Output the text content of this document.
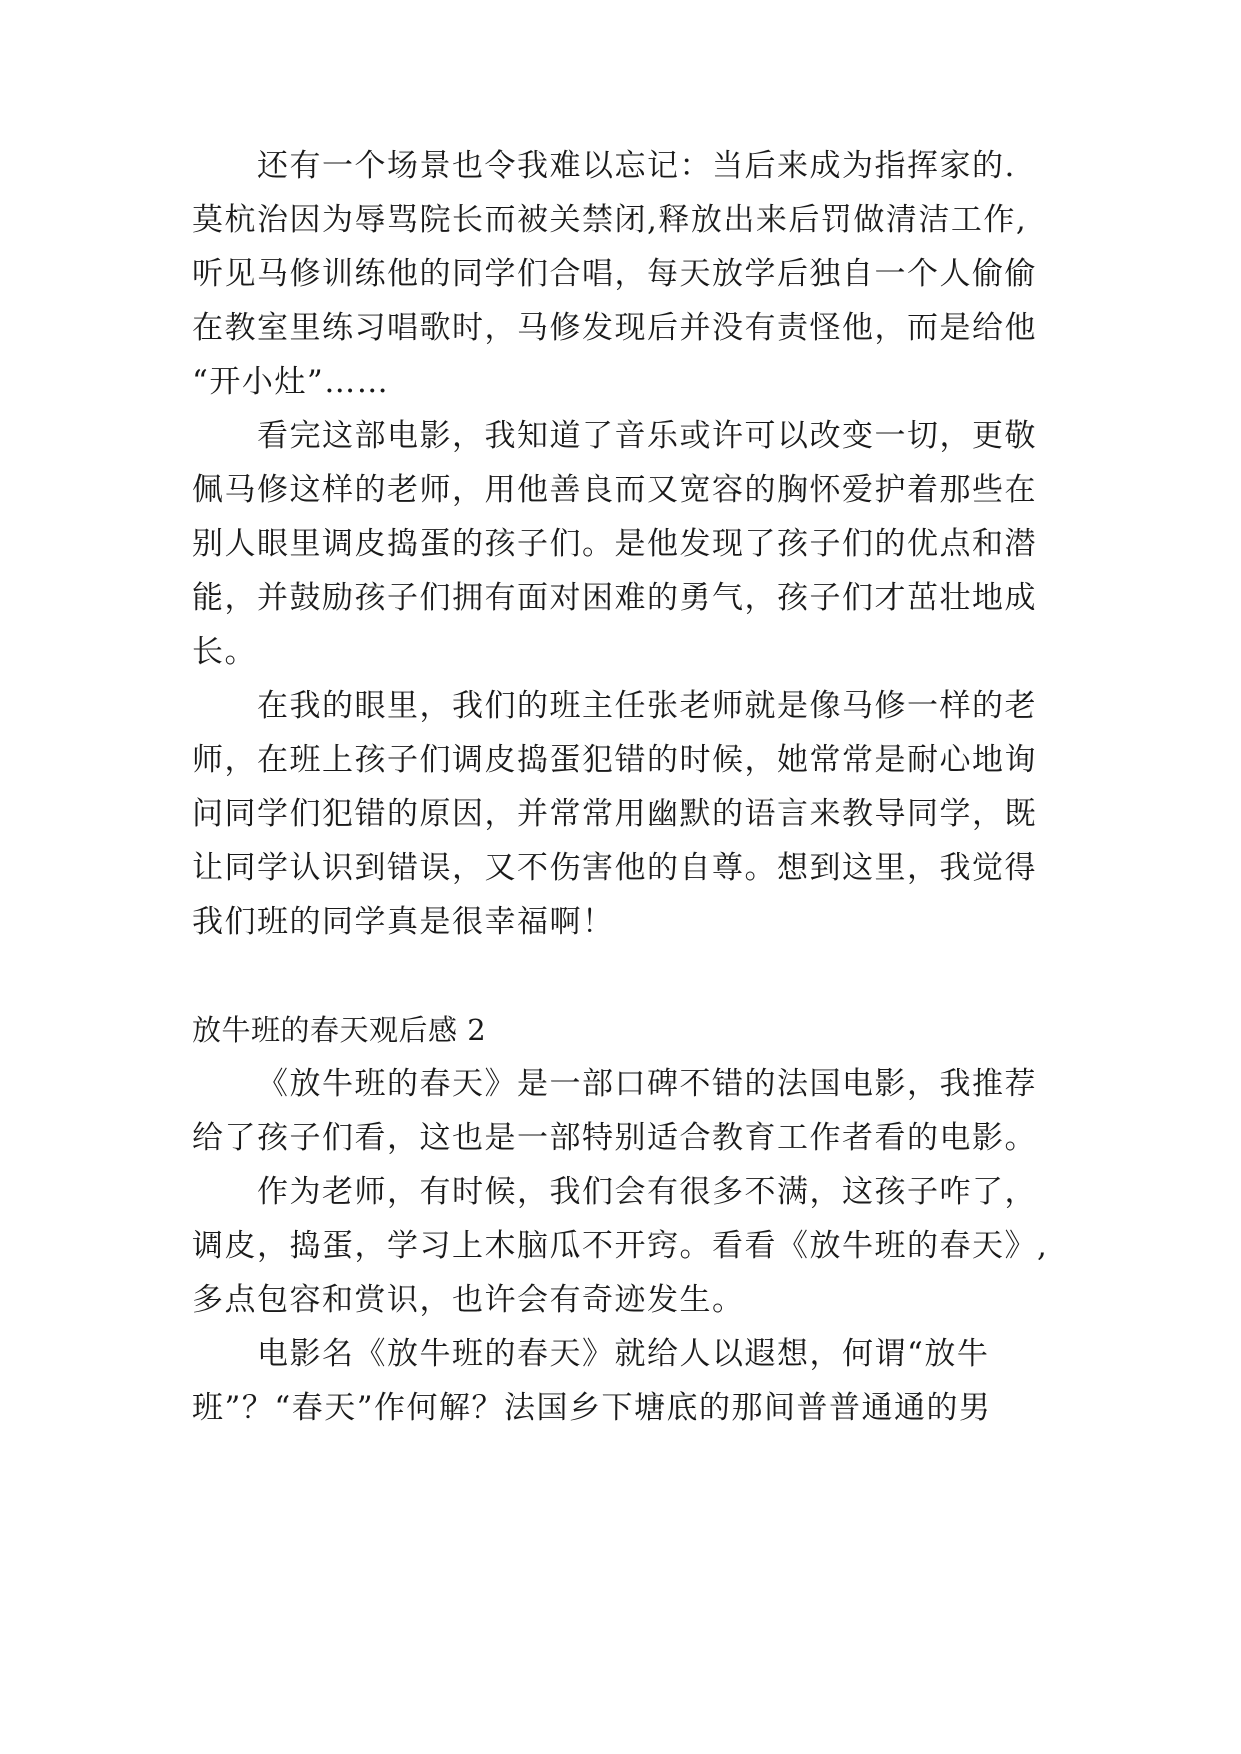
还有一个场景也令我难以忘记：当后来成为指挥家的.
莫杭治因为辱骂院长而被关禁闭,释放出来后罚做清洁工作,
听见马修训练他的同学们合唱，每天放学后独自一个人偷偷
在教室里练习唱歌时，马修发现后并没有责怪他，而是给他
“开小灶”……
看完这部电影，我知道了音乐或许可以改变一切，更敬
佩马修这样的老师，用他善良而又宽容的胸怀爱护着那些在
别人眼里调皮捣蛋的孩子们。是他发现了孩子们的优点和潜
能，并鼓励孩子们拥有面对困难的勇气，孩子们才茁壮地成
长。
在我的眼里，我们的班主任张老师就是像马修一样的老
师，在班上孩子们调皮捣蛋犯错的时候，她常常是耐心地询
问同学们犯错的原因，并常常用幽默的语言来教导同学，既
让同学认识到错误，又不伤害他的自尊。想到这里，我觉得
我们班的同学真是很幸福啊！
放牛班的春天观后感 2
《放牛班的春天》是一部口碑不错的法国电影，我推荐
给了孩子们看，这也是一部特别适合教育工作者看的电影。
作为老师，有时候，我们会有很多不满，这孩子咋了，
调皮，捣蛋，学习上木脑瓜不开窍。看看《放牛班的春天》,
多点包容和赏识，也许会有奇迹发生。
电影名《放牛班的春天》就给人以遐想，何谓“放牛
班”？“春天”作何解？法国乡下塘底的那间普普通通的男
